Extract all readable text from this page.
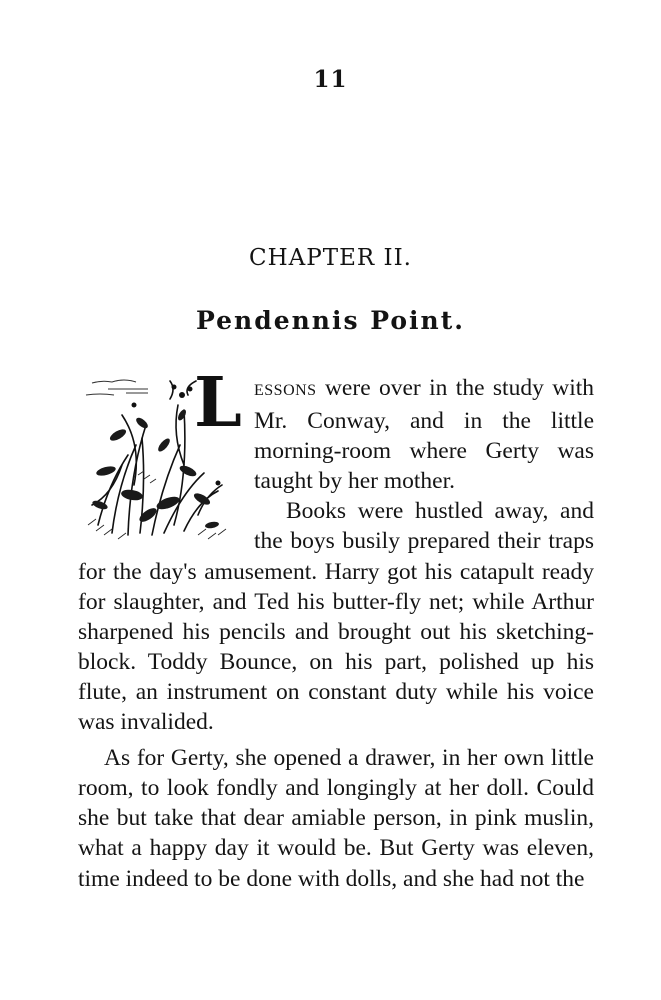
11
CHAPTER II.
Pendennis Point.
L ESSONS were over in the study with Mr. Conway, and in the little morning-room where Gerty was taught by her mother.

Books were hustled away, and the boys busily prepared their traps for the day's amusement. Harry got his catapult ready for slaughter, and Ted his butter-fly net; while Arthur sharpened his pencils and brought out his sketching-block. Toddy Bounce, on his part, polished up his flute, an instrument on constant duty while his voice was invalided.

As for Gerty, she opened a drawer, in her own little room, to look fondly and longingly at her doll. Could she but take that dear amiable person, in pink muslin, what a happy day it would be. But Gerty was eleven, time indeed to be done with dolls, and she had not the
